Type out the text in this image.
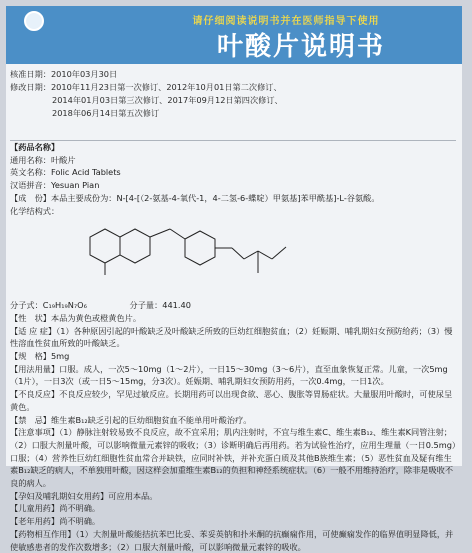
请仔细阅读说明书并在医师指导下使用
叶酸片说明书
核准日期：2010年03月30日
修改日期：2010年11月23日第一次修订、2012年10月01日第二次修订、
2014年01月03日第三次修订、2017年09月12日第四次修订、
2018年06月14日第五次修订
【药品名称】
通用名称：叶酸片
英文名称：Folic Acid Tablets
汉语拼音：Yesuan Pian
【成　份】本品主要成份为：N-[4-[（2-氨基-4-氧代-1，4-二氢-6-蝶啶）甲氨基]苯甲酰基]-L-谷氨酸。
化学结构式：
分子式：C₁₉H₁₉N₇O₆	分子量：441.40
【性　状】本品为黄色或橙黄色片。
【适 应 症】（1）各种原因引起的叶酸缺乏及叶酸缺乏所致的巨幼红细胞贫血；（2）妊娠期、哺乳期妇女预防给药；（3）慢性溶血性贫血所致的叶酸缺乏。
【规　格】5mg
【用法用量】口服。成人，一次5～10mg（1～2片），一日15～30mg（3～6片），直至血象恢复正常。儿童，一次5mg（1片），一日3次（或一日5～15mg，分3次）。妊娠期、哺乳期妇女预防用药，一次0.4mg，一日1次。
【不良反应】不良反应较少，罕见过敏反应。长期用药可以出现食欲、恶心、腹胀等胃肠症状。大量服用叶酸时，可使尿呈黄色。
【禁　忌】维生素B₁₂缺乏引起的巨幼细胞贫血不能单用叶酸治疗。
【注意事项】（1）静脉注射较易致不良反应，故不宜采用；肌内注射时，不宜与维生素C、维生素B₁₂、维生素K同管注射；（2）口服大剂量叶酸，可以影响微量元素锌的吸收；（3）诊断明确后再用药。若为试验性治疗，应用生理量（一日0.5mg）口服；（4）营养性巨幼红细胞性贫血常合并缺铁，应同时补铁，并补充蛋白质及其他B族维生素；（5）恶性贫血及疑有维生素B₁₂缺乏的病人，不单独用叶酸，因这样会加重维生素B₁₂的负担和神经系统症状。（6）一般不用维持治疗，除非是吸收不良的病人。
【孕妇及哺乳期妇女用药】可应用本品。
【儿童用药】尚不明确。
【老年用药】尚不明确。
【药物相互作用】（1）大剂量叶酸能拮抗苯巴比妥、苯妥英钠和扑米酮的抗癫痫作用，可使癫痫发作的临界值明显降低，并使敏感患者的发作次数增多；（2）口服大剂量叶酸，可以影响微量元素锌的吸收。
